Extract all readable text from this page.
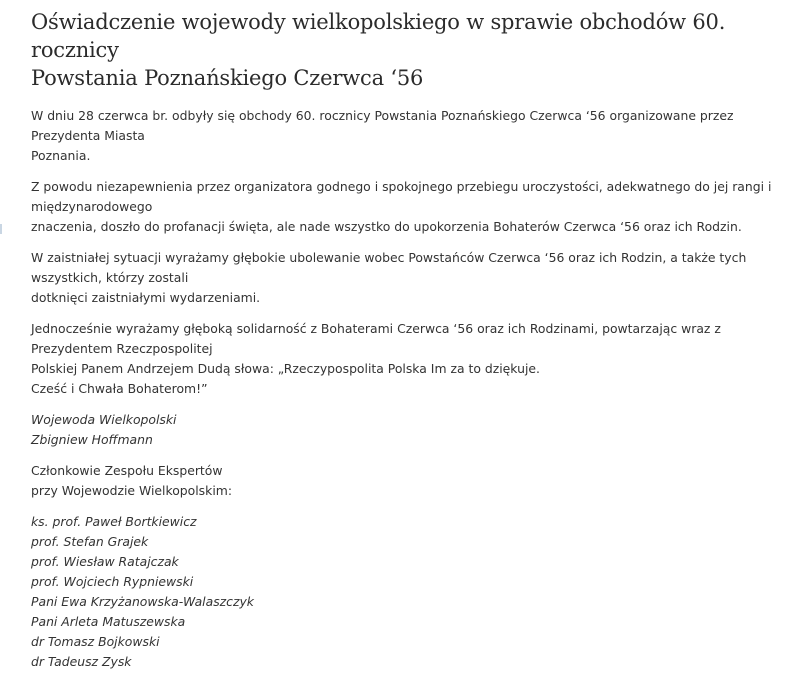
Oświadczenie wojewody wielkopolskiego w sprawie obchodów 60. rocznicy
Powstania Poznańskiego Czerwca ‘56

W dniu 28 czerwca br. odbyły się obchody 60. rocznicy Powstania Poznańskiego Czerwca ‘56 organizowane przez Prezydenta Miasta
Poznania.

Z powodu niezapewnienia przez organizatora godnego i spokojnego przebiegu uroczystości, adekwatnego do jej rangi i międzynarodowego
znaczenia, doszło do profanacji święta, ale nade wszystko do upokorzenia Bohaterów Czerwca ‘56 oraz ich Rodzin.

W zaistniałej sytuacji wyrażamy głębokie ubolewanie wobec Powstańców Czerwca ‘56 oraz ich Rodzin, a także tych wszystkich, którzy zostali
dotknięci zaistniałymi wydarzeniami.

Jednocześnie wyrażamy głęboką solidarność z Bohaterami Czerwca ‘56 oraz ich Rodzinami, powtarzając wraz z Prezydentem Rzeczpospolitej
Polskiej Panem Andrzejem Dudą słowa: „Rzeczypospolita Polska Im za to dziękuje.
Cześć i Chwała Bohaterom!”

Wojewoda Wielkopolski
Zbigniew Hoffmann

Członkowie Zespołu Ekspertów
przy Wojewodzie Wielkopolskim:

ks. prof. Paweł Bortkiewicz
prof. Stefan Grajek
prof. Wiesław Ratajczak
prof. Wojciech Rypniewski
Pani Ewa Krzyżanowska-Walaszczyk
Pani Arleta Matuszewska
dr Tomasz Bojkowski
dr Tadeusz Zysk
